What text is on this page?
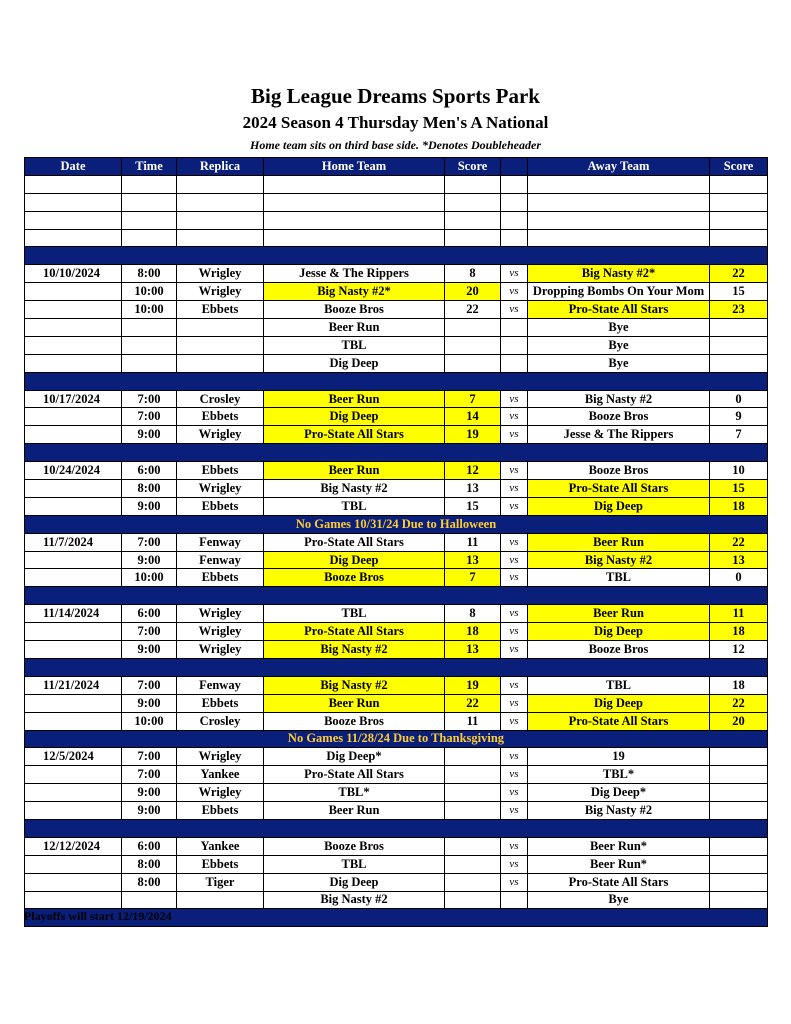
Big League Dreams Sports Park
2024 Season 4 Thursday Men's A National
Home team sits on third base side. *Denotes Doubleheader
Date	Time	Replica	Home Team	Score		Away Team	Score

10/10/2024	8:00	Wrigley	Jesse & The Rippers	8	vs	Big Nasty #2*	22
	10:00	Wrigley	Big Nasty #2*	20	vs	Dropping Bombs On Your Mom	15
	10:00	Ebbets	Booze Bros	22	vs	Pro-State All Stars	23
			Beer Run			Bye	
			TBL			Bye	
			Dig Deep			Bye	

10/17/2024	7:00	Crosley	Beer Run	7	vs	Big Nasty #2	0
	7:00	Ebbets	Dig Deep	14	vs	Booze Bros	9
	9:00	Wrigley	Pro-State All Stars	19	vs	Jesse & The Rippers	7

10/24/2024	6:00	Ebbets	Beer Run	12	vs	Booze Bros	10
	8:00	Wrigley	Big Nasty #2	13	vs	Pro-State All Stars	15
	9:00	Ebbets	TBL	15	vs	Dig Deep	18
No Games 10/31/24 Due to Halloween							
11/7/2024	7:00	Fenway	Pro-State All Stars	11	vs	Beer Run	22
	9:00	Fenway	Dig Deep	13	vs	Big Nasty #2	13
	10:00	Ebbets	Booze Bros	7	vs	TBL	0

11/14/2024	6:00	Wrigley	TBL	8	vs	Beer Run	11
	7:00	Wrigley	Pro-State All Stars	18	vs	Dig Deep	18
	9:00	Wrigley	Big Nasty #2	13	vs	Booze Bros	12

11/21/2024	7:00	Fenway	Big Nasty #2	19	vs	TBL	18
	9:00	Ebbets	Beer Run	22	vs	Dig Deep	22
	10:00	Crosley	Booze Bros	11	vs	Pro-State All Stars	20
No Games 11/28/24 Due to Thanksgiving							
12/5/2024	7:00	Wrigley	Dig Deep*		vs	19	
	7:00	Yankee	Pro-State All Stars		vs	TBL*	
	9:00	Wrigley	TBL*		vs	Dig Deep*	
	9:00	Ebbets	Beer Run		vs	Big Nasty #2	

12/12/2024	6:00	Yankee	Booze Bros		vs	Beer Run*	
	8:00	Ebbets	TBL		vs	Beer Run*	
	8:00	Tiger	Dig Deep		vs	Pro-State All Stars	
			Big Nasty #2			Bye	

Playoffs will start 12/19/2024
